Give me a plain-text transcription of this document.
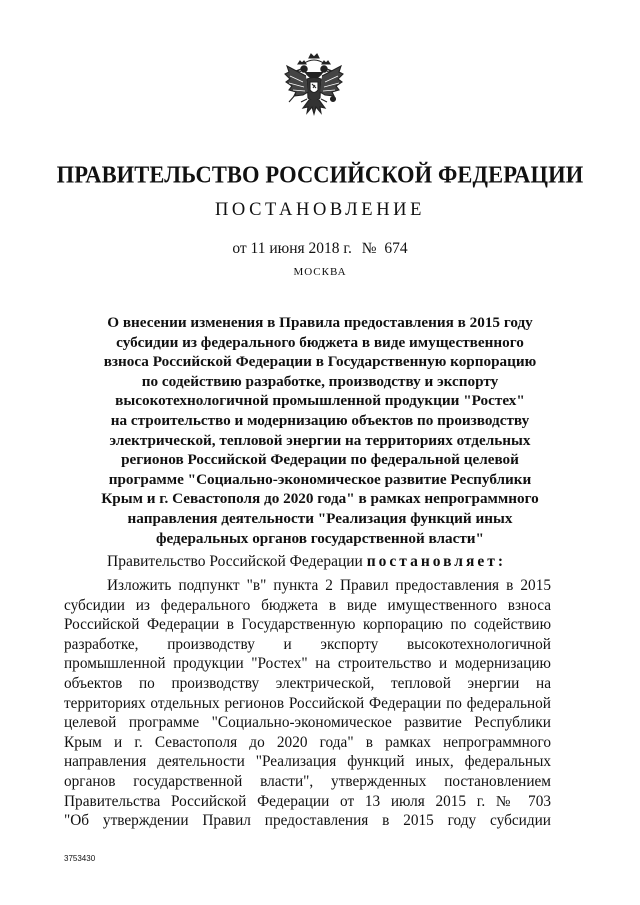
ПРАВИТЕЛЬСТВО РОССИЙСКОЙ ФЕДЕРАЦИИ
ПОСТАНОВЛЕНИЕ
от 11 июня 2018 г. № 674
МОСКВА
О внесении изменения в Правила предоставления в 2015 году
субсидии из федерального бюджета в виде имущественного
взноса Российской Федерации в Государственную корпорацию
по содействию разработке, производству и экспорту
высокотехнологичной промышленной продукции "Ростех"
на строительство и модернизацию объектов по производству
электрической, тепловой энергии на территориях отдельных
регионов Российской Федерации по федеральной целевой
программе "Социально-экономическое развитие Республики
Крым и г. Севастополя до 2020 года" в рамках непрограммного
направления деятельности "Реализация функций иных
федеральных органов государственной власти"
Правительство Российской Федерации постановляет:
Изложить подпункт "в" пункта 2 Правил предоставления в 2015
субсидии из федерального бюджета в виде имущественного взноса
Российской Федерации в Государственную корпорацию по содействию
разработке, производству и экспорту высокотехнологичной
промышленной продукции "Ростех" на строительство и модернизацию
объектов по производству электрической, тепловой энергии на
территориях отдельных регионов Российской Федерации по федеральной
целевой программе "Социально-экономическое развитие Республики
Крым и г. Севастополя до 2020 года" в рамках непрограммного
направления деятельности "Реализация функций иных, федеральных
органов государственной власти", утвержденных постановлением
Правительства Российской Федерации от 13 июля 2015 г. № 703
"Об утверждении Правил предоставления в 2015 году субсидии
3753430
